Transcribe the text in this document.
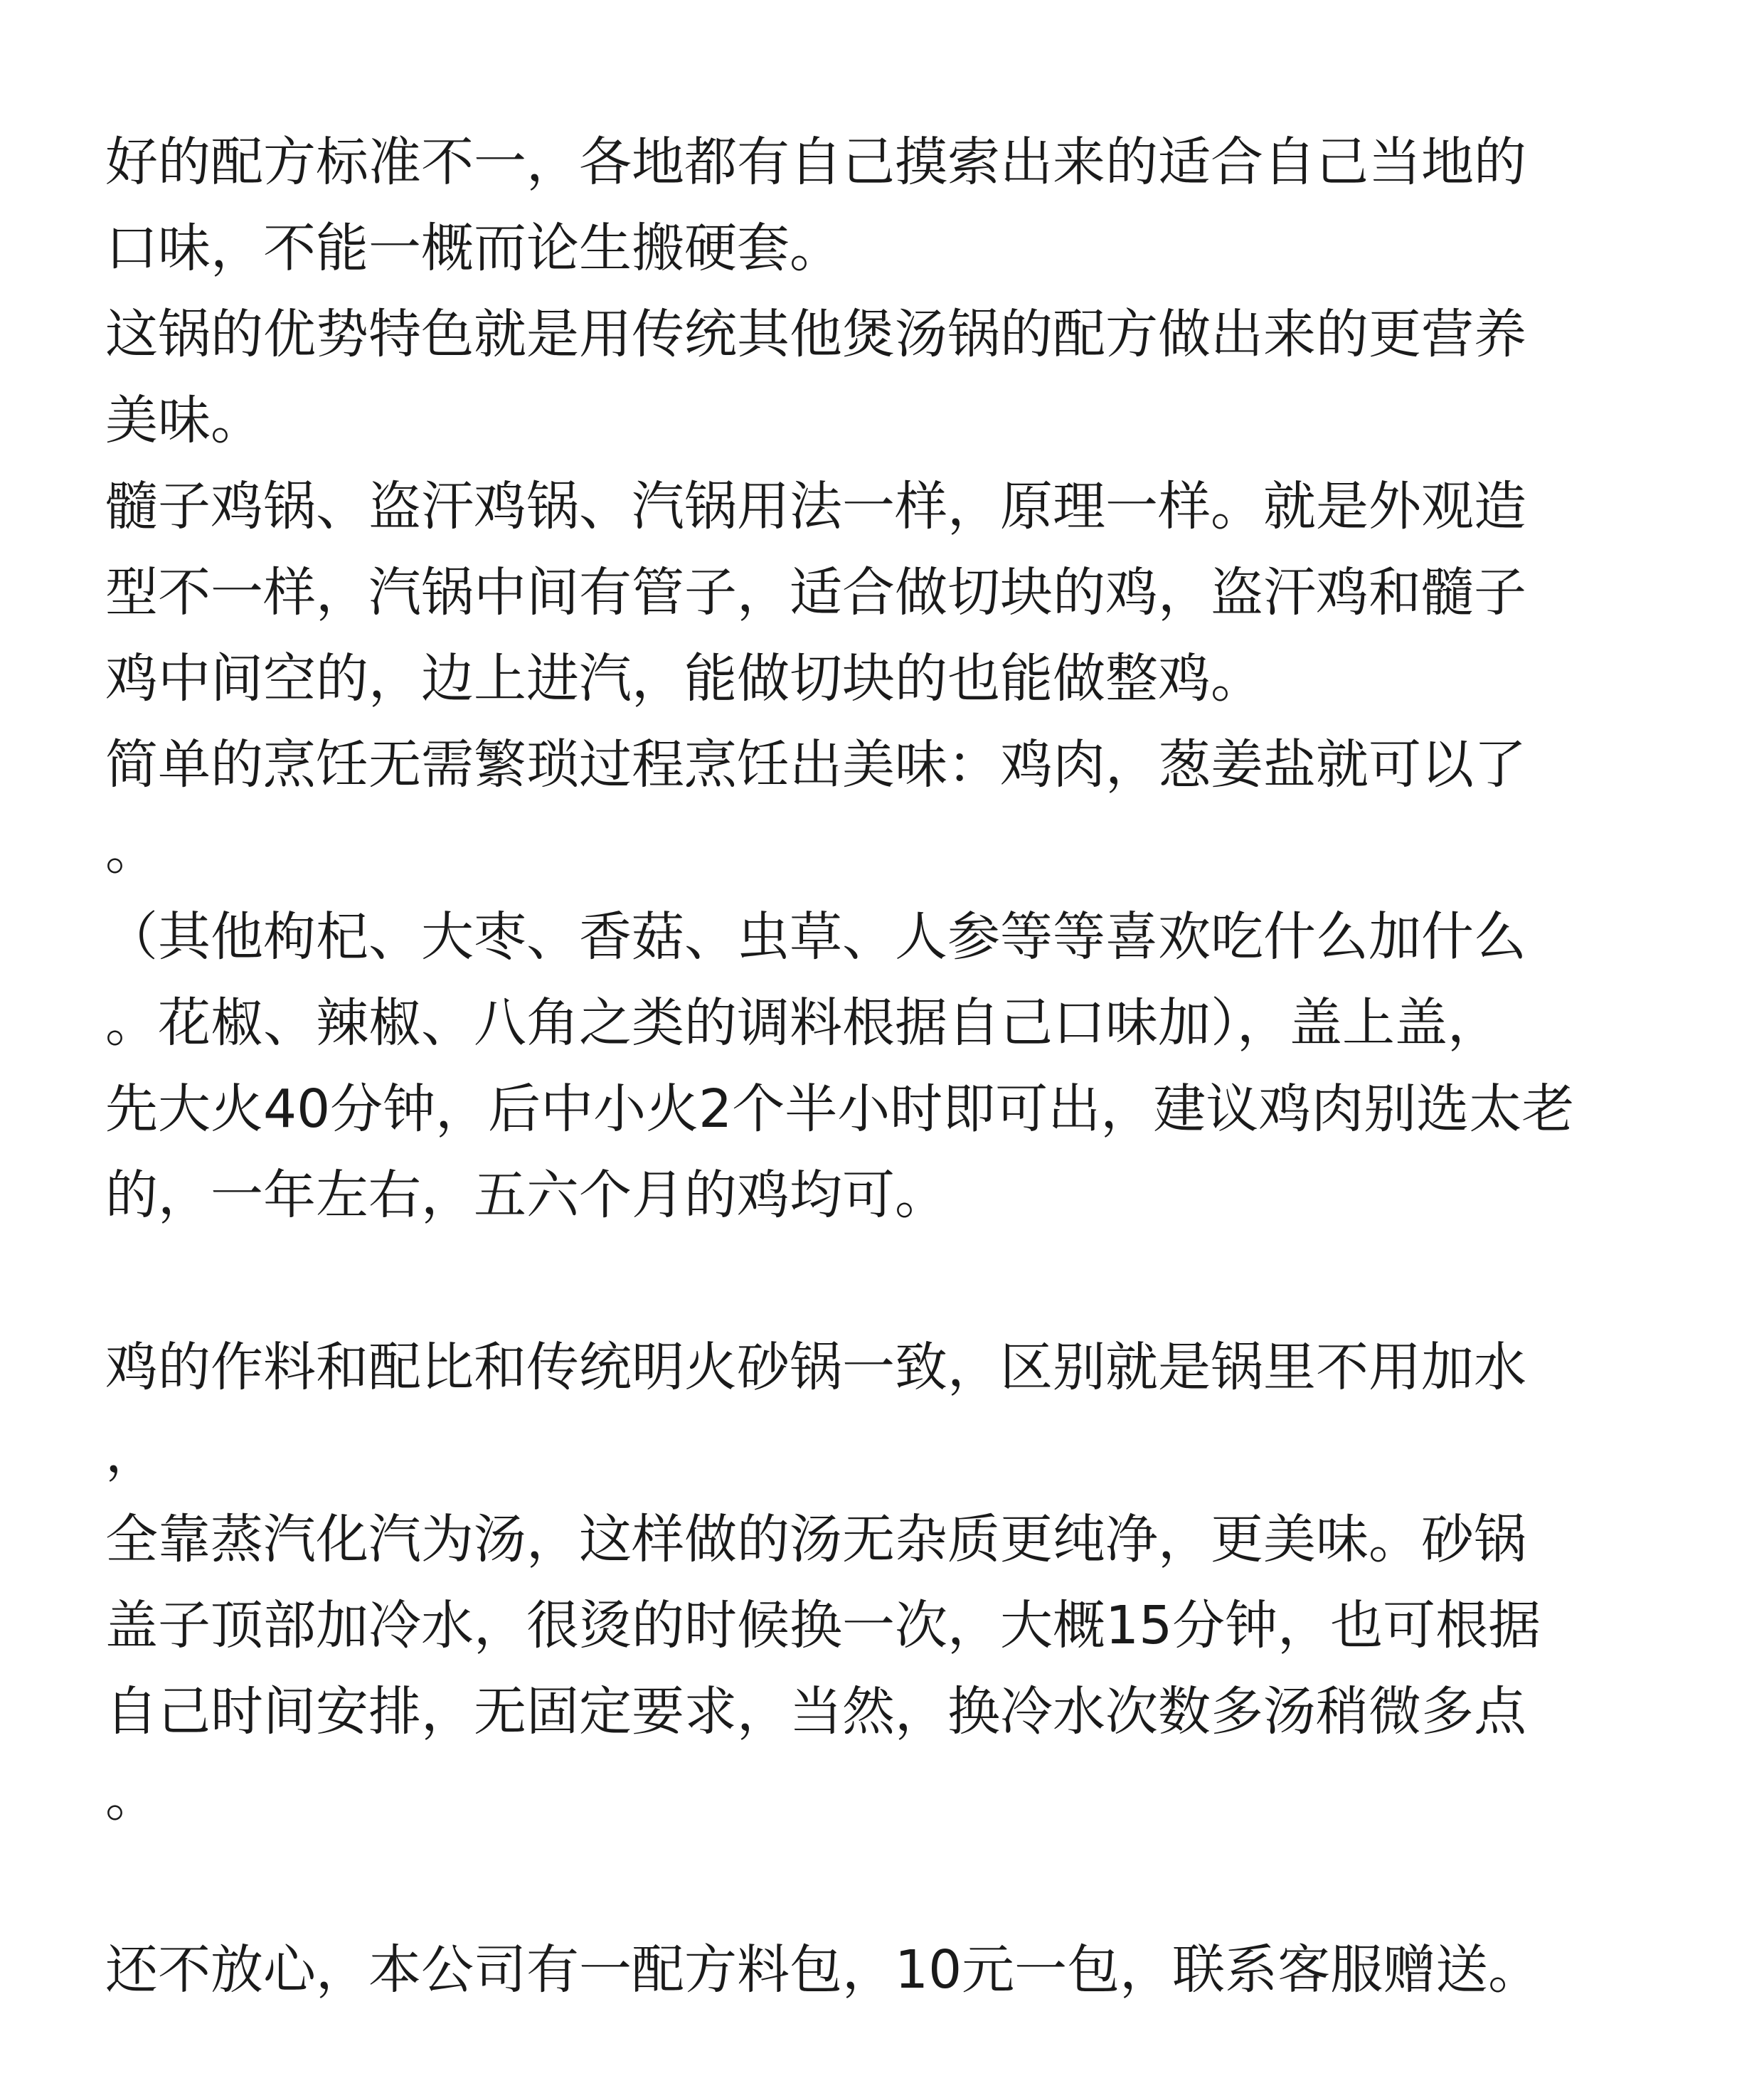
好的配方标准不一，各地都有自己摸索出来的适合自己当地的
口味，不能一概而论生搬硬套。
这锅的优势特色就是用传统其他煲汤锅的配方做出来的更营养
美味。
髓子鸡锅、盗汗鸡锅、汽锅用法一样，原理一样。就是外观造
型不一样，汽锅中间有管子，适合做切块的鸡，盗汗鸡和髓子
鸡中间空的，边上进汽，能做切块的也能做整鸡。
简单的烹饪无需繁琐过程烹饪出美味：鸡肉，葱姜盐就可以了
。
（其他枸杞、大枣、香菇、虫草、人参等等喜欢吃什么加什么
。花椒、辣椒、八角之类的调料根据自己口味加），盖上盖，
先大火40分钟，后中小火2个半小时即可出，建议鸡肉别选太老
的，一年左右，五六个月的鸡均可。
鸡的作料和配比和传统明火砂锅一致，区别就是锅里不用加水
，
全靠蒸汽化汽为汤，这样做的汤无杂质更纯净，更美味。砂锅
盖子顶部加冷水，很烫的时候换一次，大概15分钟，也可根据
自己时间安排，无固定要求，当然，换冷水次数多汤稍微多点
。
还不放心，本公司有一配方料包，10元一包，联系客服赠送。
